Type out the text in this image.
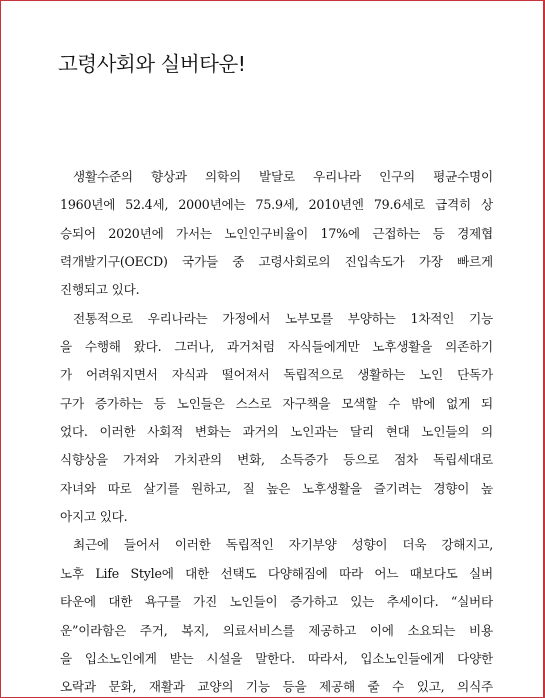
고령사회와 실버타운!
생활수준의 향상과 의학의 발달로 우리나라 인구의 평균수명이
1960년에 52.4세, 2000년에는 75.9세, 2010년엔 79.6세로 급격히 상
승되어 2020년에 가서는 노인인구비율이 17%에 근접하는 등 경제협
력개발기구(OECD) 국가들 중 고령사회로의 진입속도가 가장 빠르게
진행되고 있다.
전통적으로 우리나라는 가정에서 노부모를 부양하는 1차적인 기능
을 수행해 왔다. 그러나, 과거처럼 자식들에게만 노후생활을 의존하기
가 어려워지면서 자식과 떨어져서 독립적으로 생활하는 노인 단독가
구가 증가하는 등 노인들은 스스로 자구책을 모색할 수 밖에 없게 되
었다. 이러한 사회적 변화는 과거의 노인과는 달리 현대 노인들의 의
식향상을 가져와 가치관의 변화, 소득증가 등으로 점차 독립세대로
자녀와 따로 살기를 원하고, 질 높은 노후생활을 즐기려는 경향이 높
아지고 있다.
최근에 들어서 이러한 독립적인 자기부양 성향이 더욱 강해지고,
노후 Life Style에 대한 선택도 다양해짐에 따라 어느 때보다도 실버
타운에 대한 욕구를 가진 노인들이 증가하고 있는 추세이다. “실버타
운”이라함은 주거, 복지, 의료서비스를 제공하고 이에 소요되는 비용
을 입소노인에게 받는 시설을 말한다. 따라서, 입소노인들에게 다양한
오락과 문화, 재활과 교양의 기능 등을 제공해 줄 수 있고, 의식주
